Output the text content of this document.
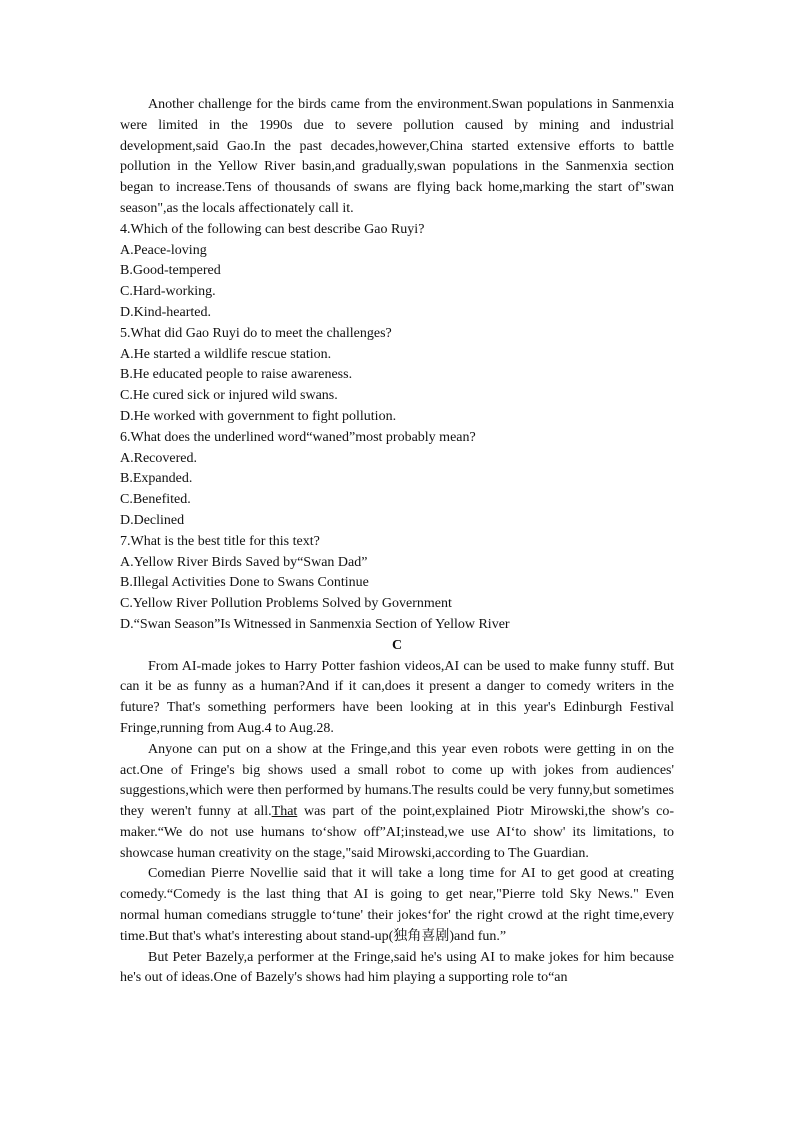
Another challenge for the birds came from the environment.Swan populations in Sanmenxia were limited in the 1990s due to severe pollution caused by mining and industrial development,said Gao.In the past decades,however,China started extensive efforts to battle pollution in the Yellow River basin,and gradually,swan populations in the Sanmenxia section began to increase.Tens of thousands of swans are flying back home,marking the start of"swan season",as the locals affectionately call it.

4.Which of the following can best describe Gao Ruyi?

A.Peace-loving

B.Good-tempered

C.Hard-working.

D.Kind-hearted.

5.What did Gao Ruyi do to meet the challenges?

A.He started a wildlife rescue station.

B.He educated people to raise awareness.

C.He cured sick or injured wild swans.

D.He worked with government to fight pollution.

6.What does the underlined word“waned”most probably mean?

A.Recovered.

B.Expanded.

C.Benefited.

D.Declined

7.What is the best title for this text?

A.Yellow River Birds Saved by“Swan Dad”

B.Illegal Activities Done to Swans Continue

C.Yellow River Pollution Problems Solved by Government

D.“Swan Season”Is Witnessed in Sanmenxia Section of Yellow River

C

From AI-made jokes to Harry Potter fashion videos,AI can be used to make funny stuff. But can it be as funny as a human?And if it can,does it present a danger to comedy writers in the future? That's something performers have been looking at in this year's Edinburgh Festival Fringe,running from Aug.4 to Aug.28.

Anyone can put on a show at the Fringe,and this year even robots were getting in on the act.One of Fringe's big shows used a small robot to come up with jokes from audiences' suggestions,which were then performed by humans.The results could be very funny,but sometimes they weren't funny at all.That was part of the point,explained Piotr Mirowski,the show's co-maker.“We do not use humans to‘show off”AI;instead,we use AI‘to show' its limitations, to showcase human creativity on the stage,"said Mirowski,according to The Guardian.

Comedian Pierre Novellie said that it will take a long time for AI to get good at creating comedy.“Comedy is the last thing that AI is going to get near,"Pierre told Sky News." Even normal human comedians struggle to‘tune' their jokes‘for' the right crowd at the right time,every time.But that's what's interesting about stand-up(独角喜剧)and fun.”

But Peter Bazely,a performer at the Fringe,said he's using AI to make jokes for him because he's out of ideas.One of Bazely's shows had him playing a supporting role to“an
